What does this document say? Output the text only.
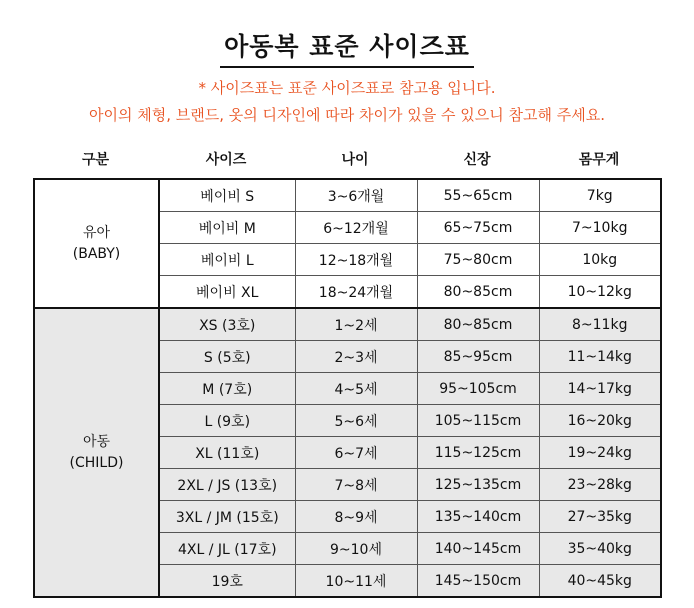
아동복 표준 사이즈표
* 사이즈표는 표준 사이즈표로 참고용 입니다.
아이의 체형, 브랜드, 옷의 디자인에 따라 차이가 있을 수 있으니 참고해 주세요.
구분	사이즈	나이	신장	몸무게
유아
(BABY)	베이비 S	3~6개월	55~65cm	7kg
	베이비 M	6~12개월	65~75cm	7~10kg
	베이비 L	12~18개월	75~80cm	10kg
	베이비 XL	18~24개월	80~85cm	10~12kg

아동
(CHILD)	XS (3호)	1~2세	80~85cm	8~11kg
	S (5호)	2~3세	85~95cm	11~14kg
	M (7호)	4~5세	95~105cm	14~17kg
	L (9호)	5~6세	105~115cm	16~20kg
	XL (11호)	6~7세	115~125cm	19~24kg
	2XL / JS (13호)	7~8세	125~135cm	23~28kg
	3XL / JM (15호)	8~9세	135~140cm	27~35kg
	4XL / JL (17호)	9~10세	140~145cm	35~40kg
	19호	10~11세	145~150cm	40~45kg
